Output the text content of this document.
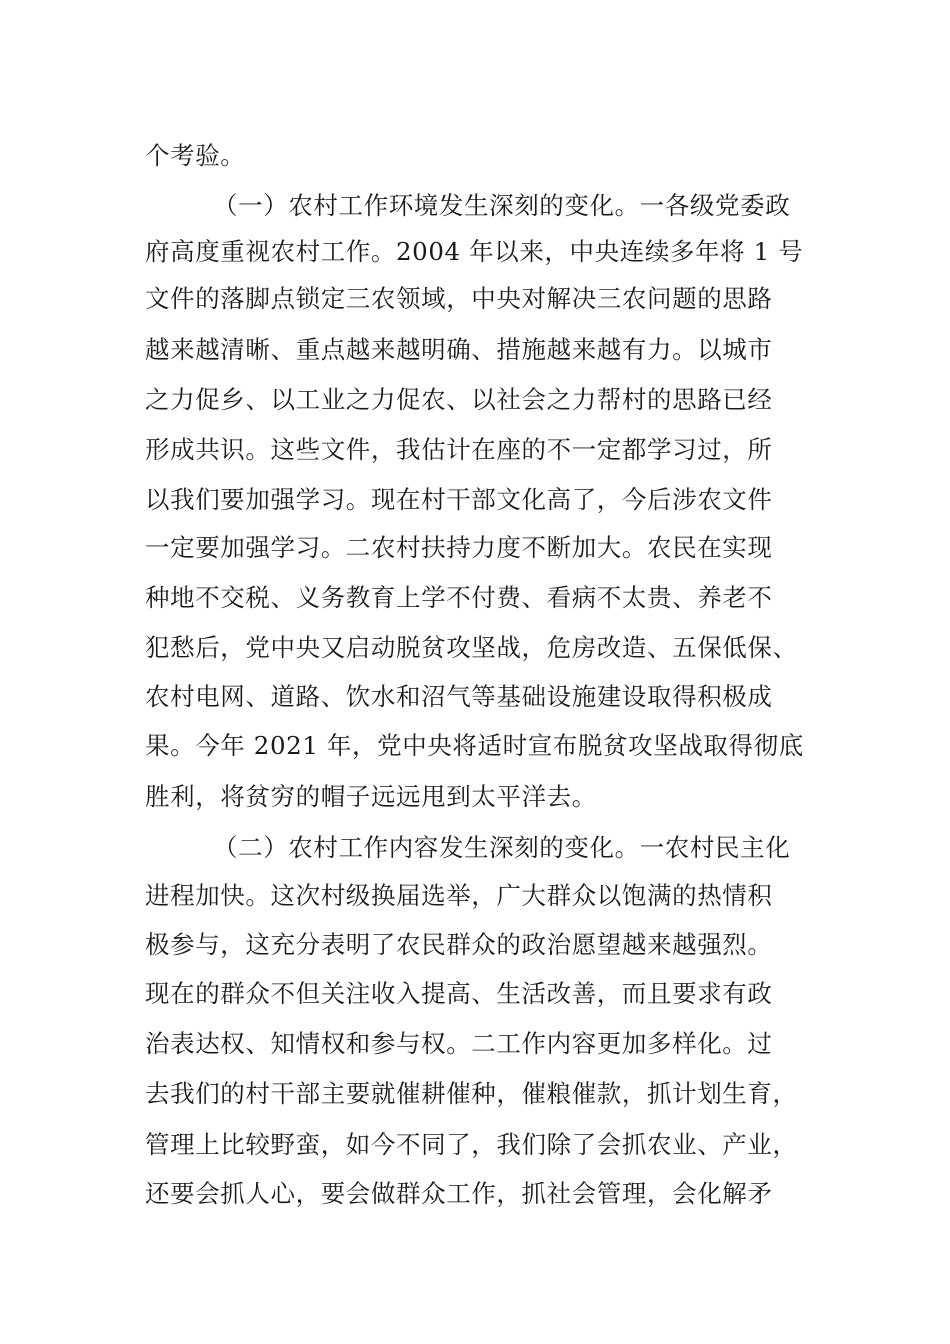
个考验。
（一）农村工作环境发生深刻的变化。一各级党委政
府高度重视农村工作。2004 年以来，中央连续多年将 1 号
文件的落脚点锁定三农领域，中央对解决三农问题的思路
越来越清晰、重点越来越明确、措施越来越有力。以城市
之力促乡、以工业之力促农、以社会之力帮村的思路已经
形成共识。这些文件，我估计在座的不一定都学习过，所
以我们要加强学习。现在村干部文化高了，今后涉农文件
一定要加强学习。二农村扶持力度不断加大。农民在实现
种地不交税、义务教育上学不付费、看病不太贵、养老不
犯愁后，党中央又启动脱贫攻坚战，危房改造、五保低保、
农村电网、道路、饮水和沼气等基础设施建设取得积极成
果。今年 2021 年，党中央将适时宣布脱贫攻坚战取得彻底
胜利，将贫穷的帽子远远甩到太平洋去。
（二）农村工作内容发生深刻的变化。一农村民主化
进程加快。这次村级换届选举，广大群众以饱满的热情积
极参与，这充分表明了农民群众的政治愿望越来越强烈。
现在的群众不但关注收入提高、生活改善，而且要求有政
治表达权、知情权和参与权。二工作内容更加多样化。过
去我们的村干部主要就催耕催种，催粮催款，抓计划生育，
管理上比较野蛮，如今不同了，我们除了会抓农业、产业，
还要会抓人心，要会做群众工作，抓社会管理，会化解矛
